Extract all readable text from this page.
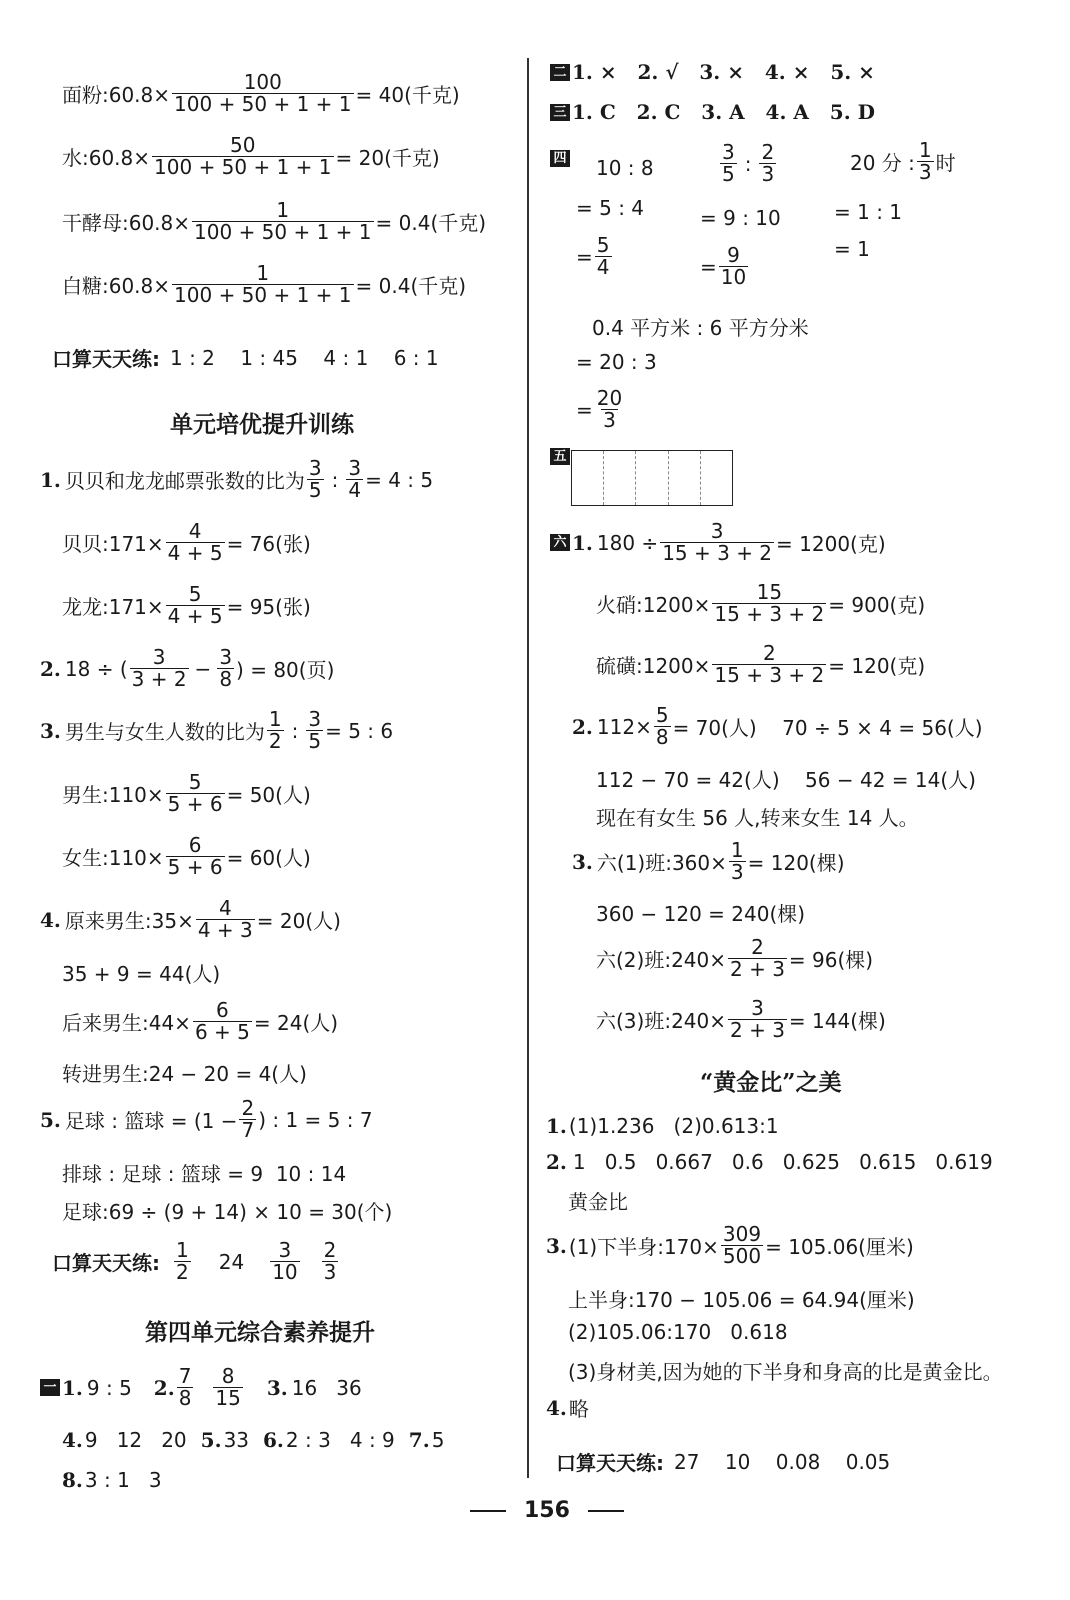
面粉:60.8× $\frac{100}{100 + 50 + 1 + 1} = 40$(千克)
水:60.8× $\frac{50}{100 + 50 + 1 + 1} = 20$(千克)
干酵母:60.8× $\frac{1}{100 + 50 + 1 + 1} = 0.4$(千克)
白糖:60.8× $\frac{1}{100 + 50 + 1 + 1} = 0.4$(千克)
口算天天练: 1 : 2    1 : 45    4 : 1    6 : 1
单元培优提升训练
1. 贝贝和龙龙邮票张数的比为 $\frac{3}{5}$ : $\frac{3}{4} = 4$ : 5
贝贝:171× $\frac{4}{4 + 5} = 76$(张)
龙龙:171× $\frac{5}{4 + 5} = 95$(张)
2. 18 ÷ ( $\frac{3}{3 + 2} - \frac{3}{8}$ ) = 80(页)
3. 男生与女生人数的比为 $\frac{1}{2}$ : $\frac{3}{5} = 5$ : 6
男生:110× $\frac{5}{5 + 6} = 50$(人)
女生:110× $\frac{6}{5 + 6} = 60$(人)
4. 原来男生:35× $\frac{4}{4 + 3} = 20$(人)
35 + 9 = 44(人)
后来男生:44× $\frac{6}{6 + 5} = 24$(人)
转进男生:24 − 20 = 4(人)
5. 足球 : 篮球 = ($1 - \frac{2}{7}$ ) : 1 = 5 : 7
排球 : 足球 : 篮球 = 9  10 : 14
足球:69 ÷ (9 + 14) × 10 = 30(个)
口算天天练: $\frac{1}{2} 24 \frac{3}{10} \frac{2}{3}$
第四单元综合素养提升
一 1. 9 : 5 2. $\frac{7}{8} \frac{8}{15} 3$. 16   36
4. 9   12   20 5. 33 6. 2 : 3   4 : 9 7. 5
8. 3 : 1   3
二 1. ×   2. √   3. ×   4. ×   5. ×
三 1. C   2. C   3. A   4. A   5. D
四 10 : 8
= 5 : 4
= $\frac{5}{4}$
$\frac{3}{5}$ : $\frac{2}{3}$
= 9 : 10
= $\frac{9}{10}$
20 分 : $\frac{1}{3}$ 时
= 1 : 1
= 1
0.4 平方米 : 6 平方分米
= 20 : 3
= $\frac{20}{3}$
五
六 1. $180 \div \frac{3}{15 + 3 + 2} = 1200$(克)
火硝:1200× $\frac{15}{15 + 3 + 2} = 900$(克)
硫磺:1200× $\frac{2}{15 + 3 + 2} = 120$(克)
2. $112\times \frac{5}{8} = 70$(人)    70 ÷ 5 × 4 = 56(人)
112 − 70 = 42(人)    56 − 42 = 14(人)
现在有女生 56 人,转来女生 14 人。
3. 六(1)班:360× $\frac{1}{3} = 120$(棵)
360 − 120 = 240(棵)
六(2)班:240× $\frac{2}{2 + 3} = 96$(棵)
六(3)班:240× $\frac{3}{2 + 3} = 144$(棵)
“黄金比”之美
1. (1)1.236   (2)0.613:1
2. 1   0.5   0.667   0.6   0.625   0.615   0.619
黄金比
3. (1)下半身:170× $\frac{309}{500} = 105.06$(厘米)
上半身:170 − 105.06 = 64.94(厘米)
(2)105.06:170   0.618
(3)身材美,因为她的下半身和身高的比是黄金比。
4. 略
口算天天练: 27    10    0.08    0.05
156
